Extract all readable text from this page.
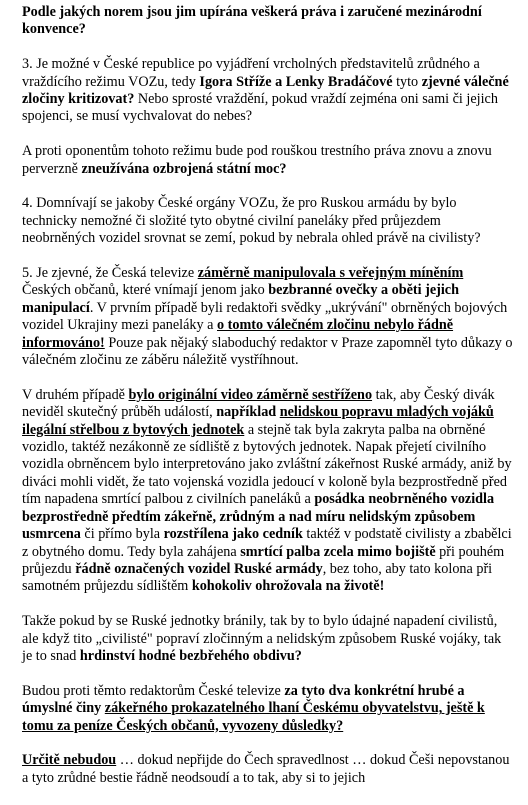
Podle jakých norem jsou jim upírána veškerá práva i zaručené mezinárodní konvence?

3. Je možné v České republice po vyjádření vrcholných představitelů zrůdného a vraždícího režimu VOZu, tedy Igora Stříže a Lenky Bradáčové tyto zjevné válečné zločiny kritizovat? Nebo sprosté vraždění, pokud vraždí zejména oni sami či jejich spojenci, se musí vychvalovat do nebes?

A proti oponentům tohoto režimu bude pod rouškou trestního práva znovu a znovu perverzně zneužívána ozbrojená státní moc?

4. Domnívají se jakoby České orgány VOZu, že pro Ruskou armádu by bylo technicky nemožné či složité tyto obytné civilní paneláky před průjezdem neobrněných vozidel srovnat se zemí, pokud by nebrala ohled právě na civilisty?

5. Je zjevné, že Česká televize záměrně manipulovala s veřejným míněním Českých občanů, které vnímají jenom jako bezbranné ovečky a oběti jejich manipulací. V prvním případě byli redaktoři svědky „ukrývání" obrněných bojových vozidel Ukrajiny mezi paneláky a o tomto válečném zločinu nebylo řádně informováno! Pouze pak nějaký slaboduchý redaktor v Praze zapomněl tyto důkazy o válečném zločinu ze záběru náležitě vystříhnout.

V druhém případě bylo originální video záměrně sestříženo tak, aby Český divák neviděl skutečný průběh událostí, například nelidskou popravu mladých vojáků ilegální střelbou z bytových jednotek a stejně tak byla zakryta palba na obrněné vozidlo, taktéž nezákonně ze sídliště z bytových jednotek. Napak přejetí civilního vozidla obrněncem bylo interpretováno jako zvláštní zákeřnost Ruské armády, aniž by diváci mohli vidět, že tato vojenská vozidla jedoucí v koloně byla bezprostředně před tím napadena smrtící palbou z civilních paneláků a posádka neobrněného vozidla bezprostředně předtím zákeřně, zrůdným a nad míru nelidským způsobem usmrcena či přímo byla rozstřílena jako cedník taktéž v podstatě civilisty a zbabělci z obytného domu. Tedy byla zahájena smrtící palba zcela mimo bojiště při pouhém průjezdu řádně označených vozidel Ruské armády, bez toho, aby tato kolona při samotném průjezdu sídlištěm kohokoliv ohrožovala na životě!

Takže pokud by se Ruské jednotky bránily, tak by to bylo údajné napadení civilistů, ale když tito „civilisté" popraví zločinným a nelidským způsobem Ruské vojáky, tak je to snad hrdinství hodné bezbřehého obdivu?

Budou proti těmto redaktorům České televize za tyto dva konkrétní hrubé a úmyslné činy zákeřného prokazatelného lhaní Českému obyvatelstvu, ještě k tomu za peníze Českých občanů, vyvozeny důsledky?

Určitě nebudou … dokud nepřijde do Čech spravedlnost … dokud Češi nepovstanou a tyto zrůdné bestie řádně neodsoudí a to tak, aby si to jejich
